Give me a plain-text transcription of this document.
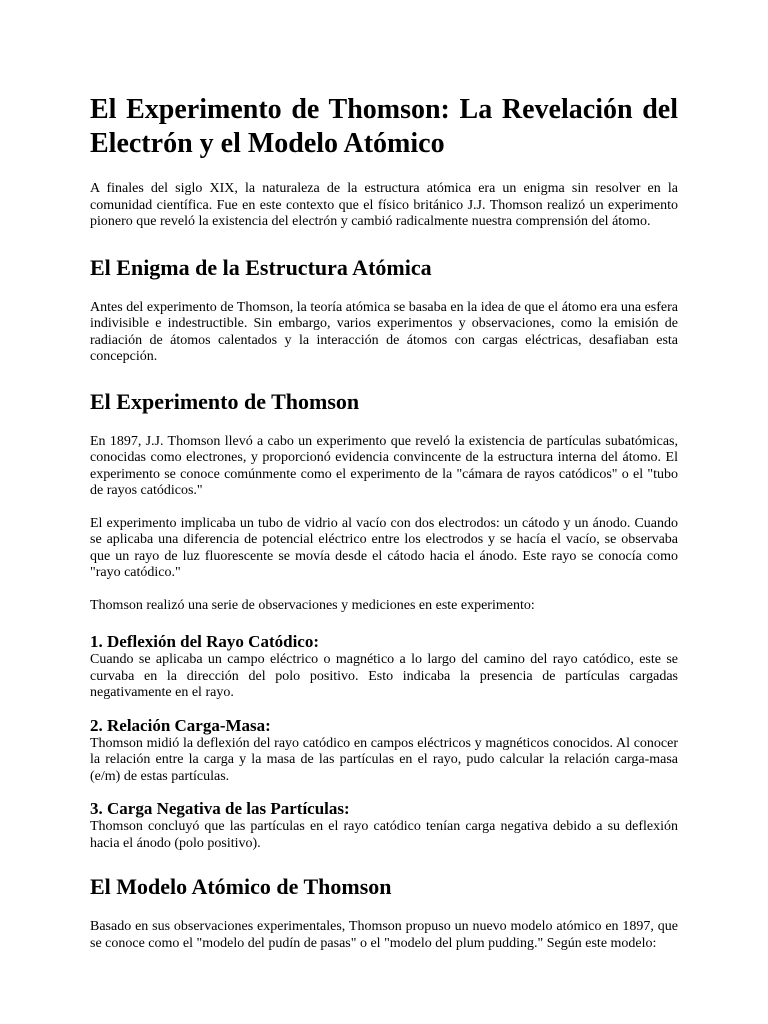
El Experimento de Thomson: La Revelación del Electrón y el Modelo Atómico

A finales del siglo XIX, la naturaleza de la estructura atómica era un enigma sin resolver en la comunidad científica. Fue en este contexto que el físico británico J.J. Thomson realizó un experimento pionero que reveló la existencia del electrón y cambió radicalmente nuestra comprensión del átomo.

El Enigma de la Estructura Atómica

Antes del experimento de Thomson, la teoría atómica se basaba en la idea de que el átomo era una esfera indivisible e indestructible. Sin embargo, varios experimentos y observaciones, como la emisión de radiación de átomos calentados y la interacción de átomos con cargas eléctricas, desafiaban esta concepción.

El Experimento de Thomson

En 1897, J.J. Thomson llevó a cabo un experimento que reveló la existencia de partículas subatómicas, conocidas como electrones, y proporcionó evidencia convincente de la estructura interna del átomo. El experimento se conoce comúnmente como el experimento de la "cámara de rayos catódicos" o el "tubo de rayos catódicos."

El experimento implicaba un tubo de vidrio al vacío con dos electrodos: un cátodo y un ánodo. Cuando se aplicaba una diferencia de potencial eléctrico entre los electrodos y se hacía el vacío, se observaba que un rayo de luz fluorescente se movía desde el cátodo hacia el ánodo. Este rayo se conocía como "rayo catódico."

Thomson realizó una serie de observaciones y mediciones en este experimento:

1. Deflexión del Rayo Catódico:

Cuando se aplicaba un campo eléctrico o magnético a lo largo del camino del rayo catódico, este se curvaba en la dirección del polo positivo. Esto indicaba la presencia de partículas cargadas negativamente en el rayo.

2. Relación Carga-Masa:

Thomson midió la deflexión del rayo catódico en campos eléctricos y magnéticos conocidos. Al conocer la relación entre la carga y la masa de las partículas en el rayo, pudo calcular la relación carga-masa (e/m) de estas partículas.

3. Carga Negativa de las Partículas:

Thomson concluyó que las partículas en el rayo catódico tenían carga negativa debido a su deflexión hacia el ánodo (polo positivo).

El Modelo Atómico de Thomson

Basado en sus observaciones experimentales, Thomson propuso un nuevo modelo atómico en 1897, que se conoce como el "modelo del pudín de pasas" o el "modelo del plum pudding." Según este modelo:
